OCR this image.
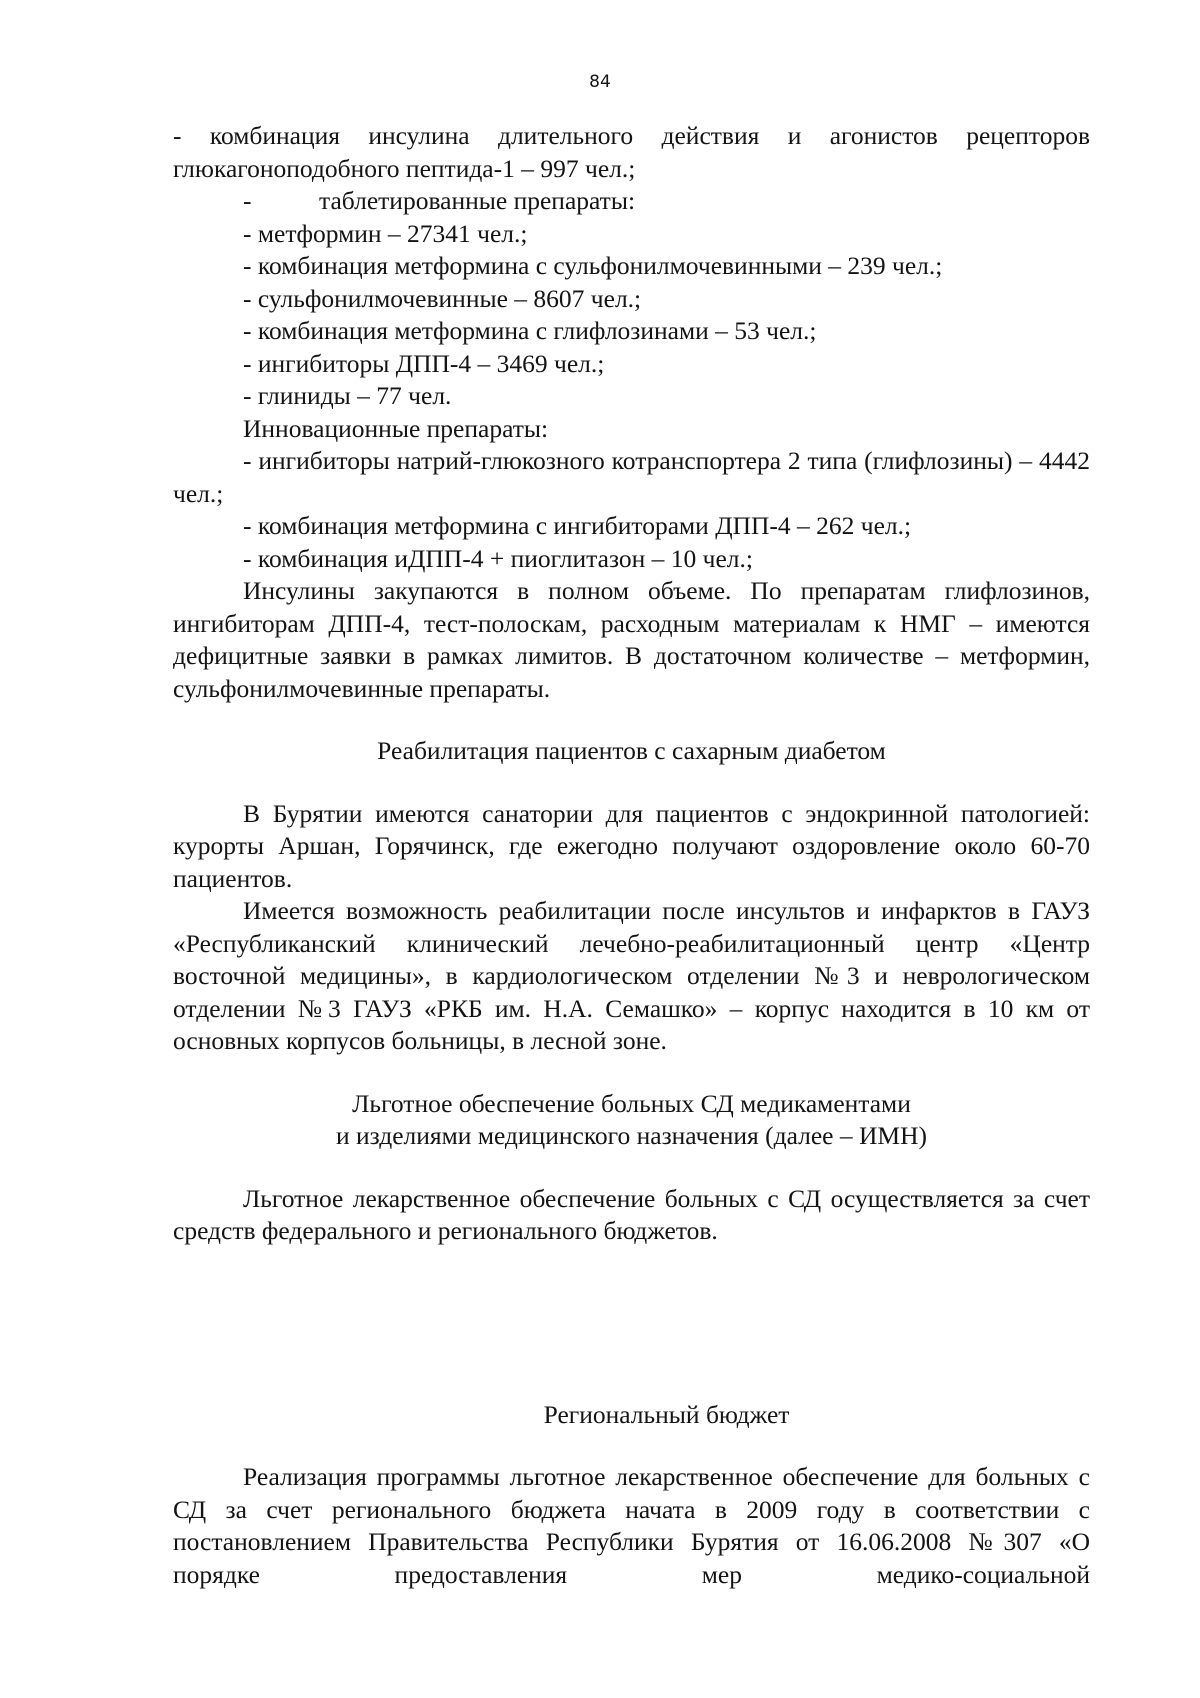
84

- комбинация инсулина длительного действия и агонистов рецепторов глюкагоноподобного пептида-1 – 997 чел.;

-	таблетированные препараты:

- метформин – 27341 чел.;

- комбинация метформина с сульфонилмочевинными – 239 чел.;

- сульфонилмочевинные – 8607 чел.;

- комбинация метформина с глифлозинами – 53 чел.;

- ингибиторы ДПП-4 – 3469 чел.;

- глиниды – 77 чел.

Инновационные препараты:

- ингибиторы натрий-глюкозного котранспортера 2 типа (глифлозины) – 4442 чел.;

- комбинация метформина с ингибиторами ДПП-4 – 262 чел.;

- комбинация иДПП-4 + пиоглитазон – 10 чел.;

Инсулины закупаются в полном объеме. По препаратам глифлозинов, ингибиторам ДПП-4, тест-полоскам, расходным материалам к НМГ – имеются дефицитные заявки в рамках лимитов. В достаточном количестве – метформин, сульфонилмочевинные препараты.

Реабилитация пациентов с сахарным диабетом

В Бурятии имеются санатории для пациентов с эндокринной патологией: курорты Аршан, Горячинск, где ежегодно получают оздоровление около 60-70 пациентов.

Имеется возможность реабилитации после инсультов и инфарктов в ГАУЗ «Республиканский клинический лечебно-реабилитационный центр «Центр восточной медицины», в кардиологическом отделении №3 и неврологическом отделении №3 ГАУЗ «РКБ им. Н.А. Семашко» – корпус находится в 10 км от основных корпусов больницы, в лесной зоне.

Льготное обеспечение больных СД медикаментами

и изделиями медицинского назначения (далее – ИМН)

Льготное лекарственное обеспечение больных с СД осуществляется за счет средств федерального и регионального бюджетов.

Региональный бюджет

Реализация программы льготное лекарственное обеспечение для больных с СД за счет регионального бюджета начата в 2009 году в соответствии с постановлением Правительства Республики Бурятия от 16.06.2008 №307 «О порядке предоставления мер медико-социальной
